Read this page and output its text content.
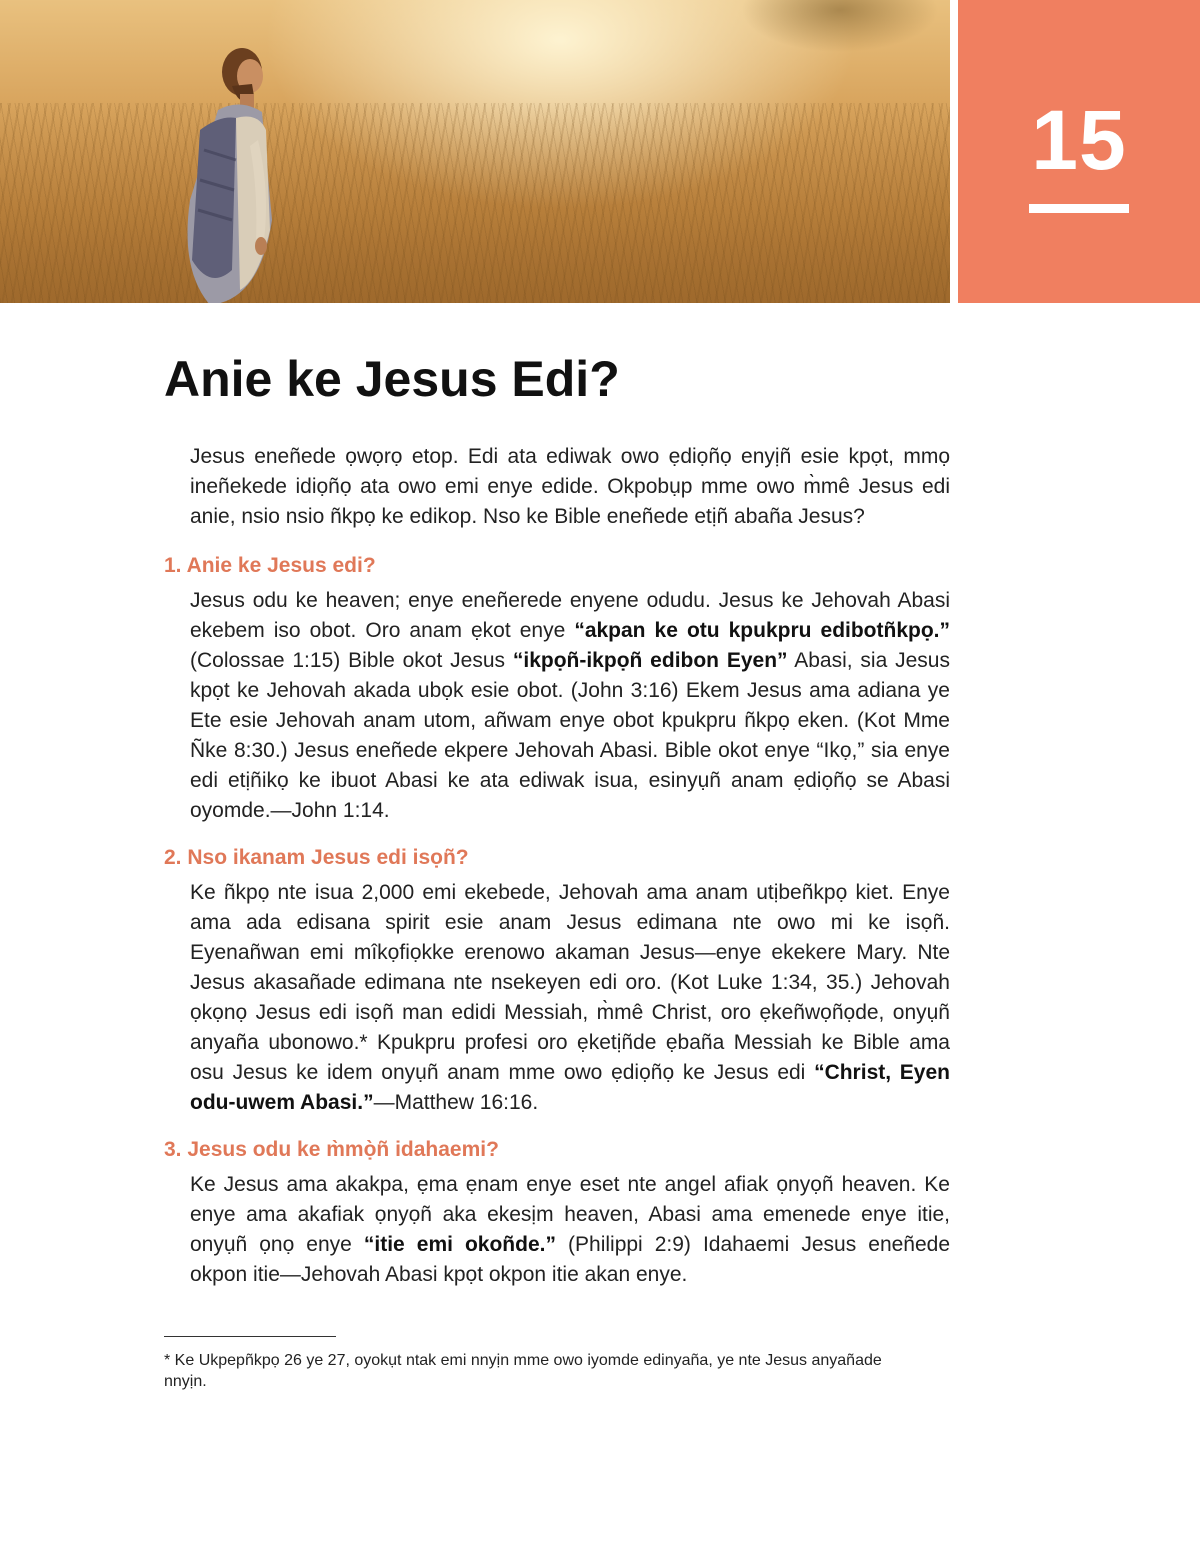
15
Anie ke Jesus Edi?

Jesus eneñede ọwọrọ etop. Edi ata ediwak owo ẹdiọñọ enyịñ esie kpọt, mmọ ineñekede idiọñọ ata owo emi enye edide. Okpobụp mme owo m̀mê Jesus edi anie, nsio nsio ñkpọ ke edikop. Nso ke Bible eneñede etịñ abaña Jesus?

1. Anie ke Jesus edi?

Jesus odu ke heaven; enye eneñerede enyene odudu. Jesus ke Jehovah Abasi ekebem iso obot. Oro anam ẹkot enye “akpan ke otu kpukpru edibotñkpọ.” (Colossae 1:15) Bible okot Jesus “ikpọñ-ikpọñ edibon Eyen” Abasi, sia Jesus kpọt ke Jehovah akada ubọk esie obot. (John 3:16) Ekem Jesus ama adiana ye Ete esie Jehovah anam utom, añwam enye obot kpukpru ñkpọ eken. (Kot Mme Ñke 8:30.) Jesus eneñede ekpere Jehovah Abasi. Bible okot enye “Ikọ,” sia enye edi etịñikọ ke ibuot Abasi ke ata ediwak isua, esinyụñ anam ẹdiọñọ se Abasi oyomde.—John 1:14.

2. Nso ikanam Jesus edi isọñ?

Ke ñkpọ nte isua 2,000 emi ekebede, Jehovah ama anam utịbeñkpọ kiet. Enye ama ada edisana spirit esie anam Jesus edimana nte owo mi ke isọñ. Eyenañwan emi mîkọfiọkke erenowo akaman Jesus—enye ekekere Mary. Nte Jesus akasañade edimana nte nsekeyen edi oro. (Kot Luke 1:34, 35.) Jehovah ọkọnọ Jesus edi isọñ man edidi Messiah, m̀mê Christ, oro ẹkeñwọñọde, onyụñ anyaña ubonowo.* Kpukpru profesi oro ẹketịñde ẹbaña Messiah ke Bible ama osu Jesus ke idem onyụñ anam mme owo ẹdiọñọ ke Jesus edi “Christ, Eyen odu-uwem Abasi.”—Matthew 16:16.

3. Jesus odu ke m̀mọ̀ñ idahaemi?

Ke Jesus ama akakpa, ẹma ẹnam enye eset nte angel afiak ọnyọñ heaven. Ke enye ama akafiak ọnyọñ aka ekesịm heaven, Abasi ama emenede enye itie, onyụñ ọnọ enye “itie emi okoñde.” (Philippi 2:9) Idahaemi Jesus eneñede okpon itie—Jehovah Abasi kpọt okpon itie akan enye.

* Ke Ukpepñkpọ 26 ye 27, oyokụt ntak emi nnyịn mme owo iyomde edinyaña, ye nte Jesus anyañade nnyịn.
